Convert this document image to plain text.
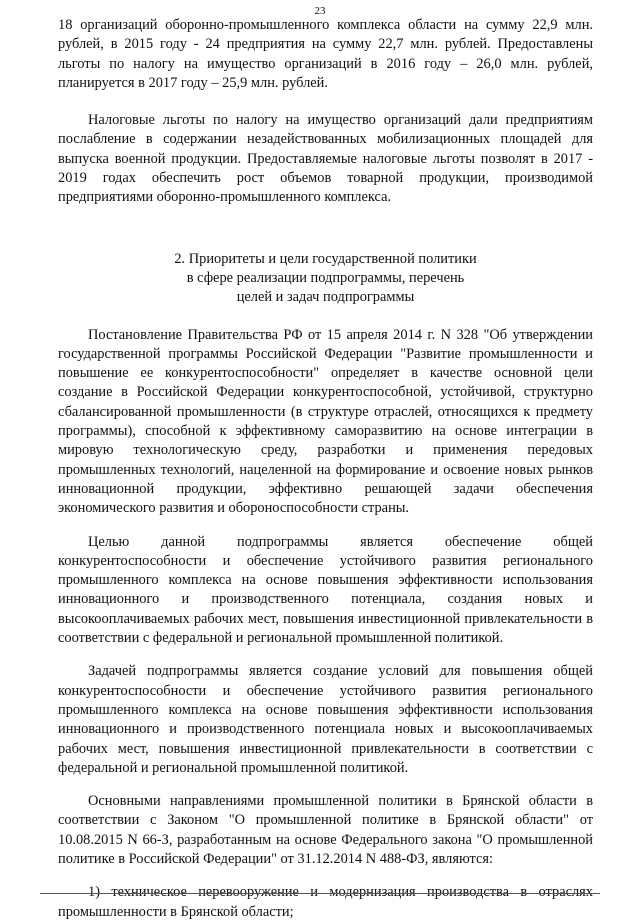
23

18 организаций оборонно-промышленного комплекса области на сумму 22,9 млн. рублей, в 2015 году - 24 предприятия на сумму 22,7 млн. рублей. Предоставлены льготы по налогу на имущество организаций в 2016 году – 26,0 млн. рублей, планируется в 2017 году – 25,9 млн. рублей.

Налоговые льготы по налогу на имущество организаций дали предприятиям послабление в содержании незадействованных мобилизационных площадей для выпуска военной продукции. Предоставляемые налоговые льготы позволят в 2017 - 2019 годах обеспечить рост объемов товарной продукции, производимой предприятиями оборонно-промышленного комплекса.

2. Приоритеты и цели государственной политики
в сфере реализации подпрограммы, перечень
целей и задач подпрограммы

Постановление Правительства РФ от 15 апреля 2014 г. N 328 "Об утверждении государственной программы Российской Федерации "Развитие промышленности и повышение ее конкурентоспособности" определяет в качестве основной цели создание в Российской Федерации конкурентоспособной, устойчивой, структурно сбалансированной промышленности (в структуре отраслей, относящихся к предмету программы), способной к эффективному саморазвитию на основе интеграции в мировую технологическую среду, разработки и применения передовых промышленных технологий, нацеленной на формирование и освоение новых рынков инновационной продукции, эффективно решающей задачи обеспечения экономического развития и обороноспособности страны.

Целью данной подпрограммы является обеспечение общей конкурентоспособности и обеспечение устойчивого развития регионального промышленного комплекса на основе повышения эффективности использования инновационного и производственного потенциала, создания новых и высокооплачиваемых рабочих мест, повышения инвестиционной привлекательности в соответствии с федеральной и региональной промышленной политикой.

Задачей подпрограммы является создание условий для повышения общей конкурентоспособности и обеспечение устойчивого развития регионального промышленного комплекса на основе повышения эффективности использования инновационного и производственного потенциала новых и высокооплачиваемых рабочих мест, повышения инвестиционной привлекательности в соответствии с федеральной и региональной промышленной политикой.

Основными направлениями промышленной политики в Брянской области в соответствии с Законом "О промышленной политике в Брянской области" от 10.08.2015 N 66-З, разработанным на основе Федерального закона "О промышленной политике в Российской Федерации" от 31.12.2014 N 488-ФЗ, являются:

1) техническое перевооружение и модернизация производства в отраслях промышленности в Брянской области;
